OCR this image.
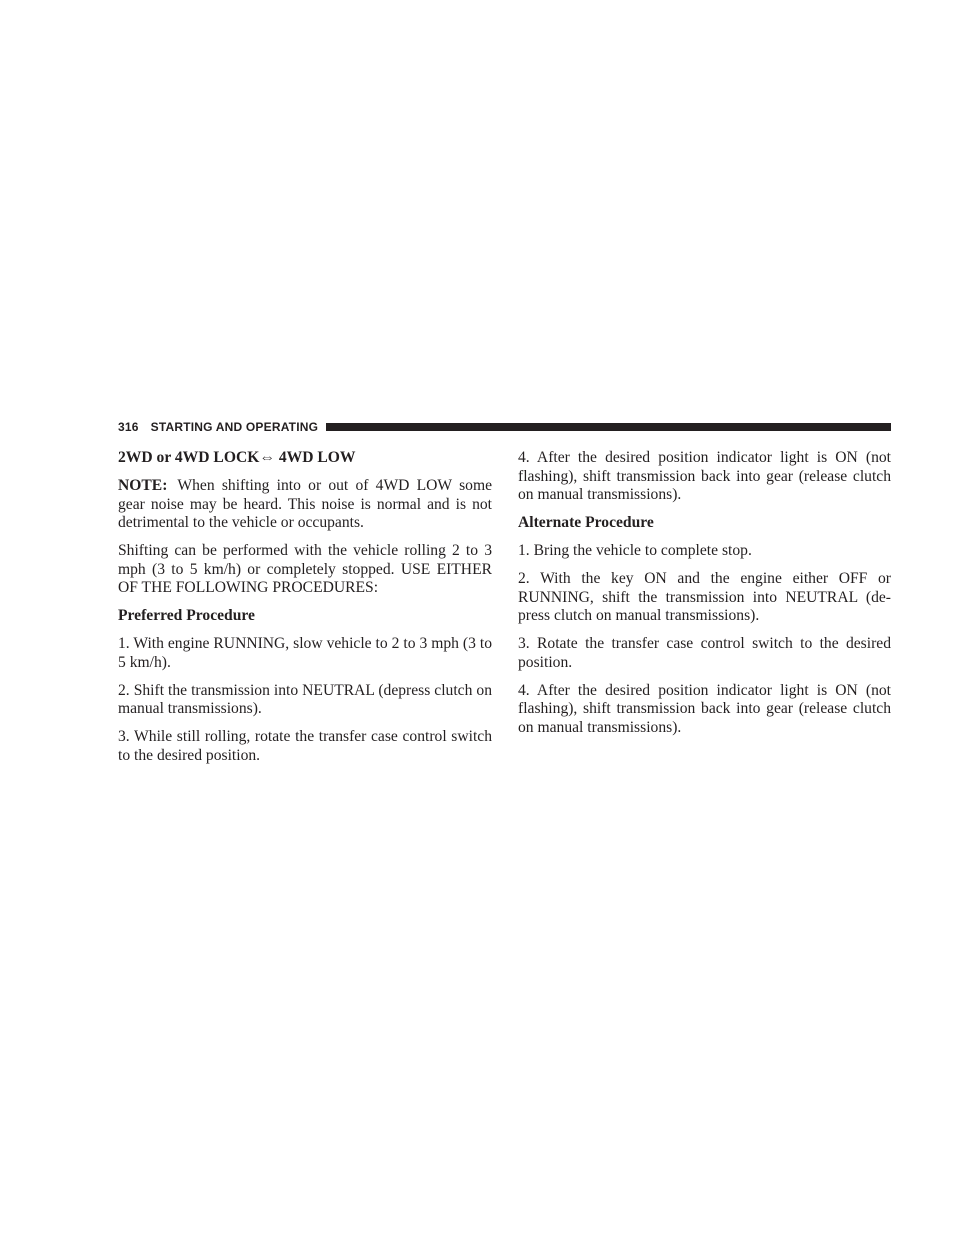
316 STARTING AND OPERATING

2WD or 4WD LOCK⇔ 4WD LOW

NOTE: When shifting into or out of 4WD LOW some gear noise may be heard. This noise is normal and is not detrimental to the vehicle or occupants.

Shifting can be performed with the vehicle rolling 2 to 3 mph (3 to 5 km/h) or completely stopped. USE EITHER OF THE FOLLOWING PROCEDURES:

Preferred Procedure

1. With engine RUNNING, slow vehicle to 2 to 3 mph (3 to 5 km/h).

2. Shift the transmission into NEUTRAL (depress clutch on manual transmissions).

3. While still rolling, rotate the transfer case control switch to the desired position.

4. After the desired position indicator light is ON (not flashing), shift transmission back into gear (release clutch on manual transmissions).

Alternate Procedure

1. Bring the vehicle to complete stop.

2. With the key ON and the engine either OFF or RUNNING, shift the transmission into NEUTRAL (de-press clutch on manual transmissions).

3. Rotate the transfer case control switch to the desired position.

4. After the desired position indicator light is ON (not flashing), shift transmission back into gear (release clutch on manual transmissions).
